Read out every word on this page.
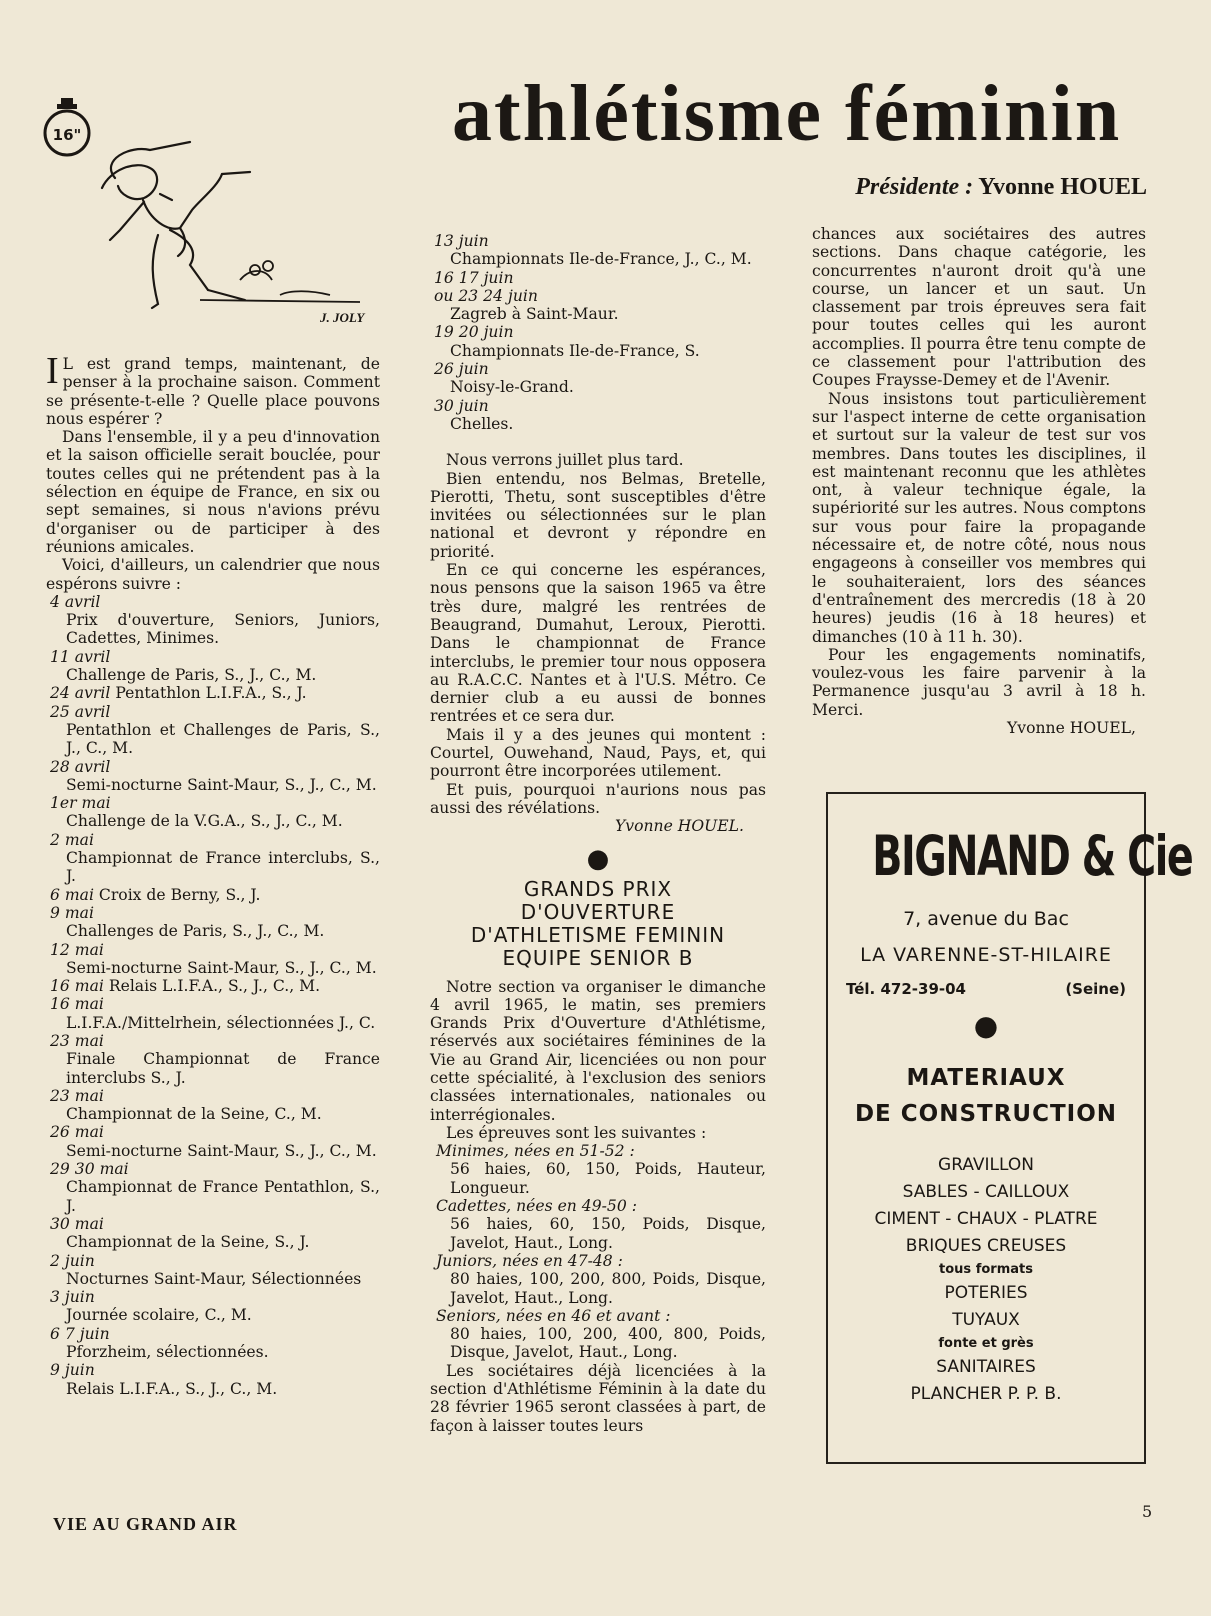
16"
J. JOLY
athlétisme féminin
Présidente : Yvonne HOUEL

I L est grand temps, maintenant, de penser à la prochaine saison. Comment se présente-t-elle ? Quelle place pouvons nous espérer ?

Dans l'ensemble, il y a peu d'innovation et la saison officielle serait bouclée, pour toutes celles qui ne prétendent pas à la sélection en équipe de France, en six ou sept semaines, si nous n'avions prévu d'organiser ou de participer à des réunions amicales.

Voici, d'ailleurs, un calendrier que nous espérons suivre :

4 avril
Prix d'ouverture, Seniors, Juniors, Cadettes, Minimes.
11 avril
Challenge de Paris, S., J., C., M.
24 avril Pentathlon L.I.F.A., S., J.
25 avril
Pentathlon et Challenges de Paris, S., J., C., M.
28 avril
Semi-nocturne Saint-Maur, S., J., C., M.
1er mai
Challenge de la V.G.A., S., J., C., M.
2 mai
Championnat de France interclubs, S., J.
6 mai Croix de Berny, S., J.
9 mai
Challenges de Paris, S., J., C., M.
12 mai
Semi-nocturne Saint-Maur, S., J., C., M.
16 mai Relais L.I.F.A., S., J., C., M.
16 mai
L.I.F.A./Mittelrhein, sélectionnées J., C.
23 mai
Finale Championnat de France interclubs S., J.
23 mai
Championnat de la Seine, C., M.
26 mai
Semi-nocturne Saint-Maur, S., J., C., M.
29 30 mai
Championnat de France Pentathlon, S., J.
30 mai
Championnat de la Seine, S., J.
2 juin
Nocturnes Saint-Maur, Sélectionnées
3 juin
Journée scolaire, C., M.
6 7 juin
Pforzheim, sélectionnées.
9 juin
Relais L.I.F.A., S., J., C., M.
13 juin
Championnats Ile-de-France, J., C., M.
16 17 juin
ou 23 24 juin
Zagreb à Saint-Maur.
19 20 juin
Championnats Ile-de-France, S.
26 juin
Noisy-le-Grand.
30 juin
Chelles.

Nous verrons juillet plus tard.

Bien entendu, nos Belmas, Bretelle, Pierotti, Thetu, sont susceptibles d'être invitées ou sélectionnées sur le plan national et devront y répondre en priorité.

En ce qui concerne les espérances, nous pensons que la saison 1965 va être très dure, malgré les rentrées de Beaugrand, Dumahut, Leroux, Pierotti. Dans le championnat de France interclubs, le premier tour nous opposera au R.A.C.C. Nantes et à l'U.S. Métro. Ce dernier club a eu aussi de bonnes rentrées et ce sera dur.

Mais il y a des jeunes qui montent : Courtel, Ouwehand, Naud, Pays, et, qui pourront être incorporées utilement.

Et puis, pourquoi n'aurions nous pas aussi des révélations.

Yvonne HOUEL.
●
GRANDS PRIX
D'OUVERTURE
D'ATHLETISME FEMININ
EQUIPE SENIOR B

Notre section va organiser le dimanche 4 avril 1965, le matin, ses premiers Grands Prix d'Ouverture d'Athlétisme, réservés aux sociétaires féminines de la Vie au Grand Air, licenciées ou non pour cette spécialité, à l'exclusion des seniors classées internationales, nationales ou interrégionales.

Les épreuves sont les suivantes :

Minimes, nées en 51-52 :
56 haies, 60, 150, Poids, Hauteur, Longueur.
Cadettes, nées en 49-50 :
56 haies, 60, 150, Poids, Disque, Javelot, Haut., Long.
Juniors, nées en 47-48 :
80 haies, 100, 200, 800, Poids, Disque, Javelot, Haut., Long.
Seniors, nées en 46 et avant :
80 haies, 100, 200, 400, 800, Poids, Disque, Javelot, Haut., Long.

Les sociétaires déjà licenciées à la section d'Athlétisme Féminin à la date du 28 février 1965 seront classées à part, de façon à laisser toutes leurs

chances aux sociétaires des autres sections. Dans chaque catégorie, les concurrentes n'auront droit qu'à une course, un lancer et un saut. Un classement par trois épreuves sera fait pour toutes celles qui les auront accomplies. Il pourra être tenu compte de ce classement pour l'attribution des Coupes Fraysse-Demey et de l'Avenir.

Nous insistons tout particulièrement sur l'aspect interne de cette organisation et surtout sur la valeur de test sur vos membres. Dans toutes les disciplines, il est maintenant reconnu que les athlètes ont, à valeur technique égale, la supériorité sur les autres. Nous comptons sur vous pour faire la propagande nécessaire et, de notre côté, nous nous engageons à conseiller vos membres qui le souhaiteraient, lors des séances d'entraînement des mercredis (18 à 20 heures) jeudis (16 à 18 heures) et dimanches (10 à 11 h. 30).

Pour les engagements nominatifs, voulez-vous les faire parvenir à la Permanence jusqu'au 3 avril à 18 h. Merci.

Yvonne HOUEL,
BIGNAND & Cie
7, avenue du Bac
LA VARENNE-ST-HILAIRE
Tél. 472-39-04	(Seine)
●
MATERIAUX
DE CONSTRUCTION
GRAVILLON
SABLES - CAILLOUX
CIMENT - CHAUX - PLATRE
BRIQUES CREUSES
tous formats
POTERIES
TUYAUX
fonte et grès
SANITAIRES
PLANCHER P. P. B.
VIE AU GRAND AIR
5
